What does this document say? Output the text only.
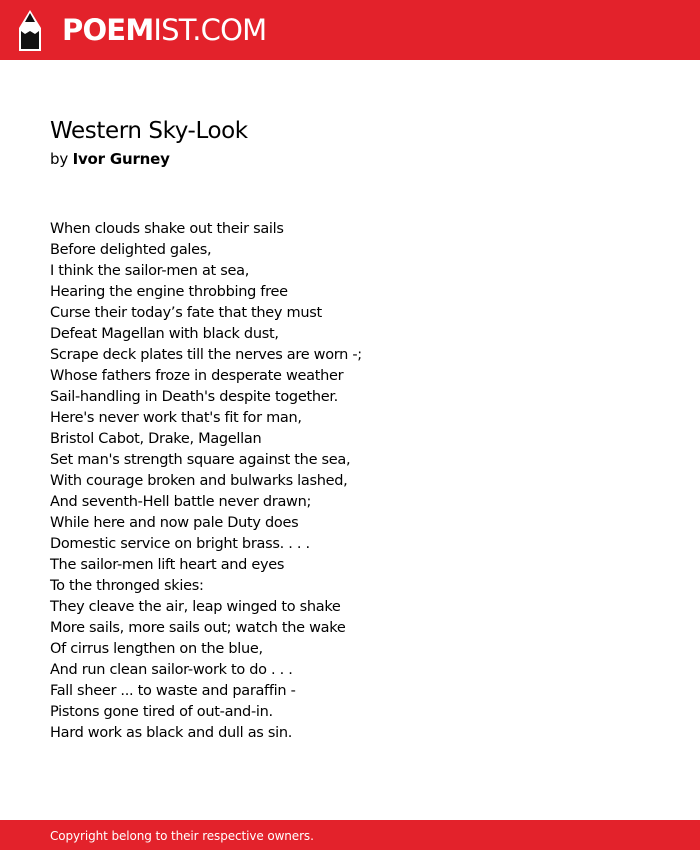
POEMIST.COM
Western Sky-Look
by Ivor Gurney
When clouds shake out their sails
Before delighted gales,
I think the sailor-men at sea,
Hearing the engine throbbing free
Curse their today’s fate that they must
Defeat Magellan with black dust,
Scrape deck plates till the nerves are worn -;
Whose fathers froze in desperate weather
Sail-handling in Death's despite together.
Here's never work that's fit for man,
Bristol Cabot, Drake, Magellan
Set man's strength square against the sea,
With courage broken and bulwarks lashed,
And seventh-Hell battle never drawn;
While here and now pale Duty does
Domestic service on bright brass. . . .
The sailor-men lift heart and eyes
To the thronged skies:
They cleave the air, leap winged to shake
More sails, more sails out; watch the wake
Of cirrus lengthen on the blue,
And run clean sailor-work to do . . .
Fall sheer ... to waste and paraffin -
Pistons gone tired of out-and-in.
Hard work as black and dull as sin.
Copyright belong to their respective owners.
